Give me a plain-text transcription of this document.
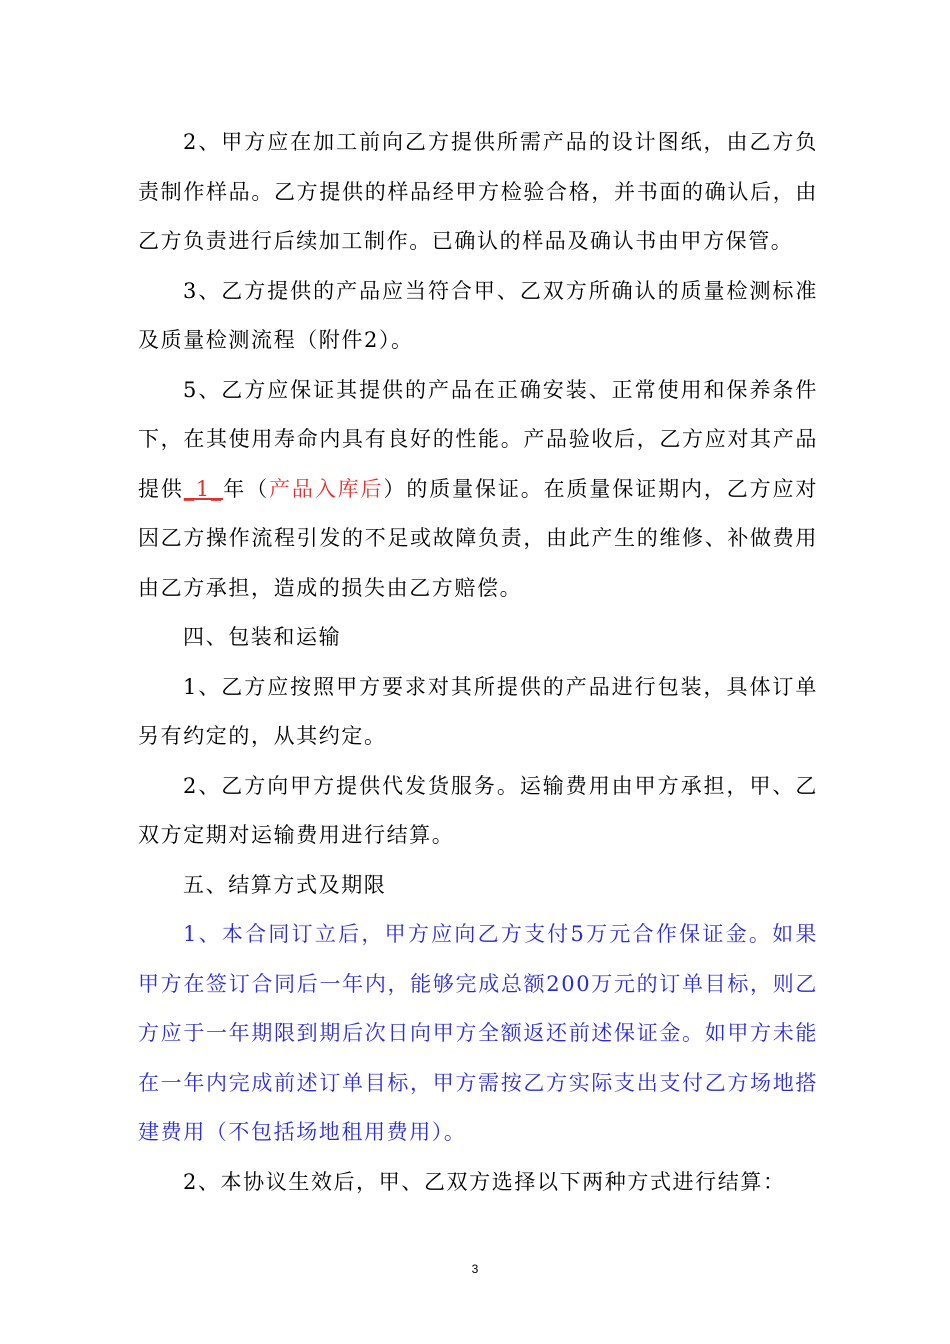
2、甲方应在加工前向乙方提供所需产品的设计图纸，由乙方负责制作样品。乙方提供的样品经甲方检验合格，并书面的确认后，由乙方负责进行后续加工制作。已确认的样品及确认书由甲方保管。

3、乙方提供的产品应当符合甲、乙双方所确认的质量检测标准及质量检测流程（附件2）。

5、乙方应保证其提供的产品在正确安装、正常使用和保养条件下，在其使用寿命内具有良好的性能。产品验收后，乙方应对其产品提供_1_年（产品入库后）的质量保证。在质量保证期内，乙方应对因乙方操作流程引发的不足或故障负责，由此产生的维修、补做费用由乙方承担，造成的损失由乙方赔偿。

四、包装和运输

1、乙方应按照甲方要求对其所提供的产品进行包装，具体订单另有约定的，从其约定。

2、乙方向甲方提供代发货服务。运输费用由甲方承担，甲、乙双方定期对运输费用进行结算。

五、结算方式及期限

1、本合同订立后，甲方应向乙方支付5万元合作保证金。如果甲方在签订合同后一年内，能够完成总额200万元的订单目标，则乙方应于一年期限到期后次日向甲方全额返还前述保证金。如甲方未能在一年内完成前述订单目标，甲方需按乙方实际支出支付乙方场地搭建费用（不包括场地租用费用）。

2、本协议生效后，甲、乙双方选择以下两种方式进行结算：

3
